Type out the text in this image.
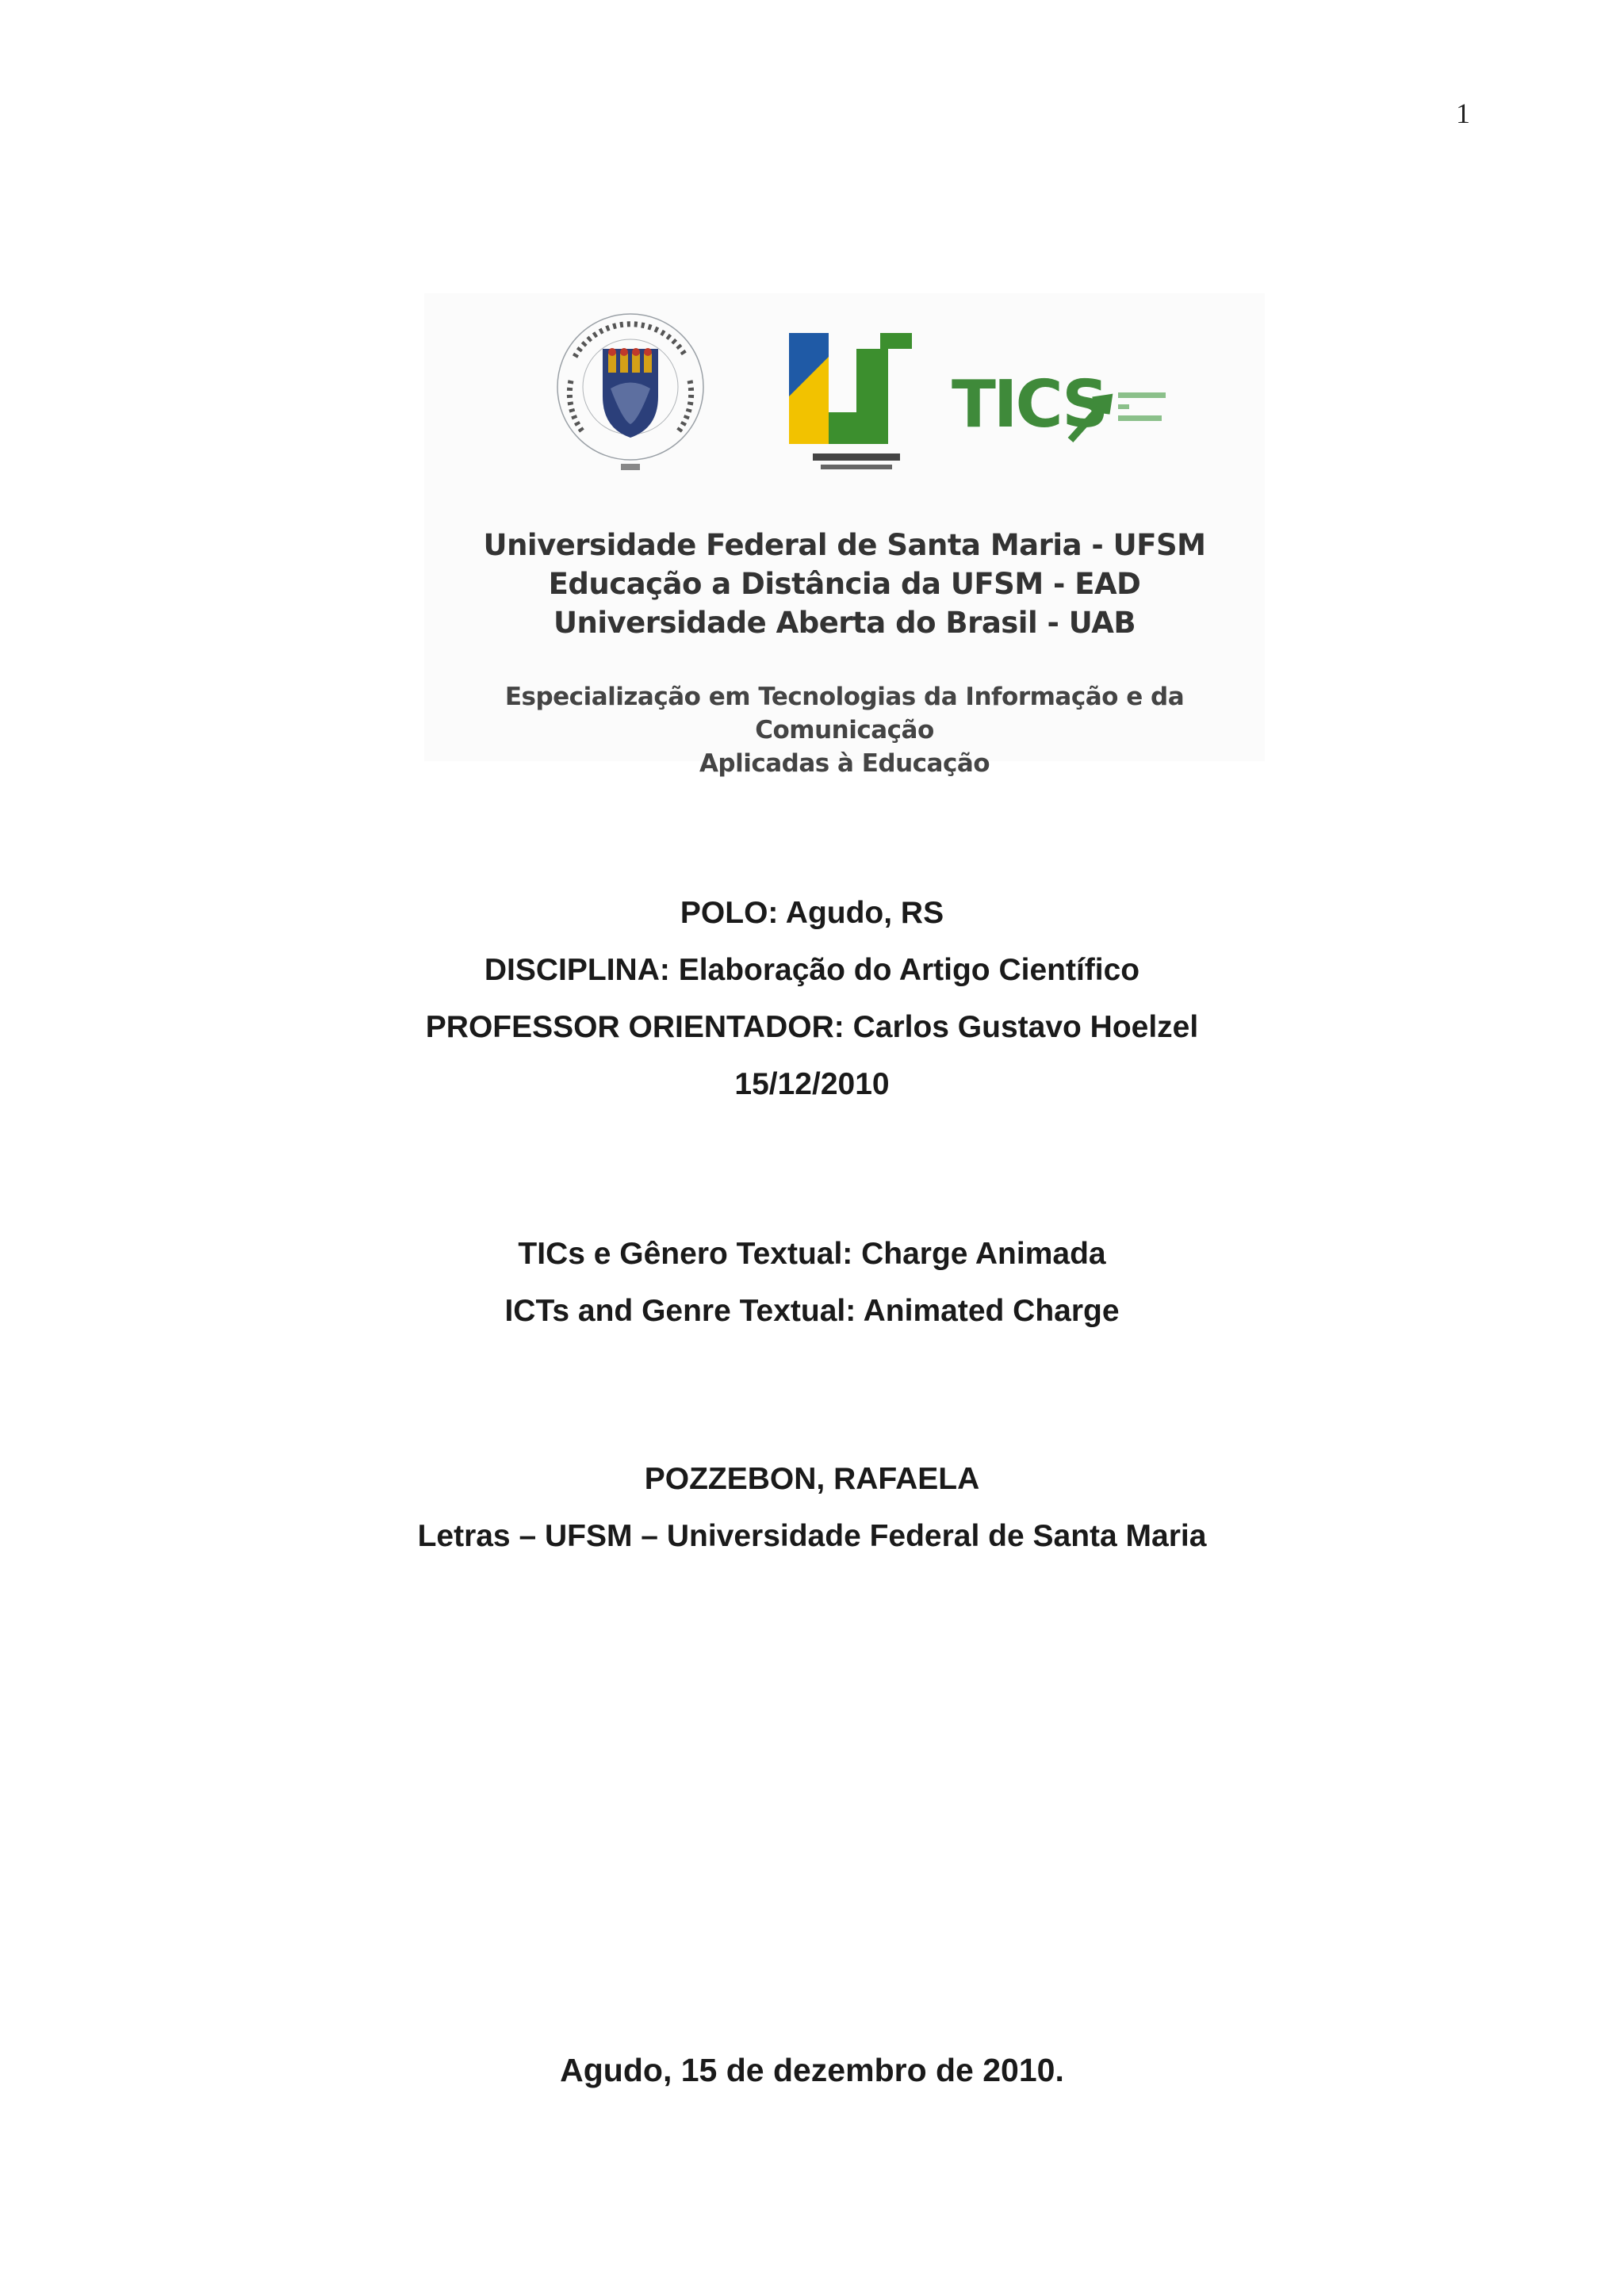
1
TICS
Universidade Federal de Santa Maria - UFSM
Educação a Distância da UFSM - EAD
Universidade Aberta do Brasil - UAB
Especialização em Tecnologias da Informação e da Comunicação
Aplicadas à Educação
POLO: Agudo, RS
DISCIPLINA: Elaboração do Artigo Científico
PROFESSOR ORIENTADOR: Carlos Gustavo Hoelzel
15/12/2010
TICs e Gênero Textual: Charge Animada
ICTs and Genre Textual: Animated Charge
POZZEBON, RAFAELA
Letras – UFSM – Universidade Federal de Santa Maria
Agudo, 15 de dezembro de 2010.
